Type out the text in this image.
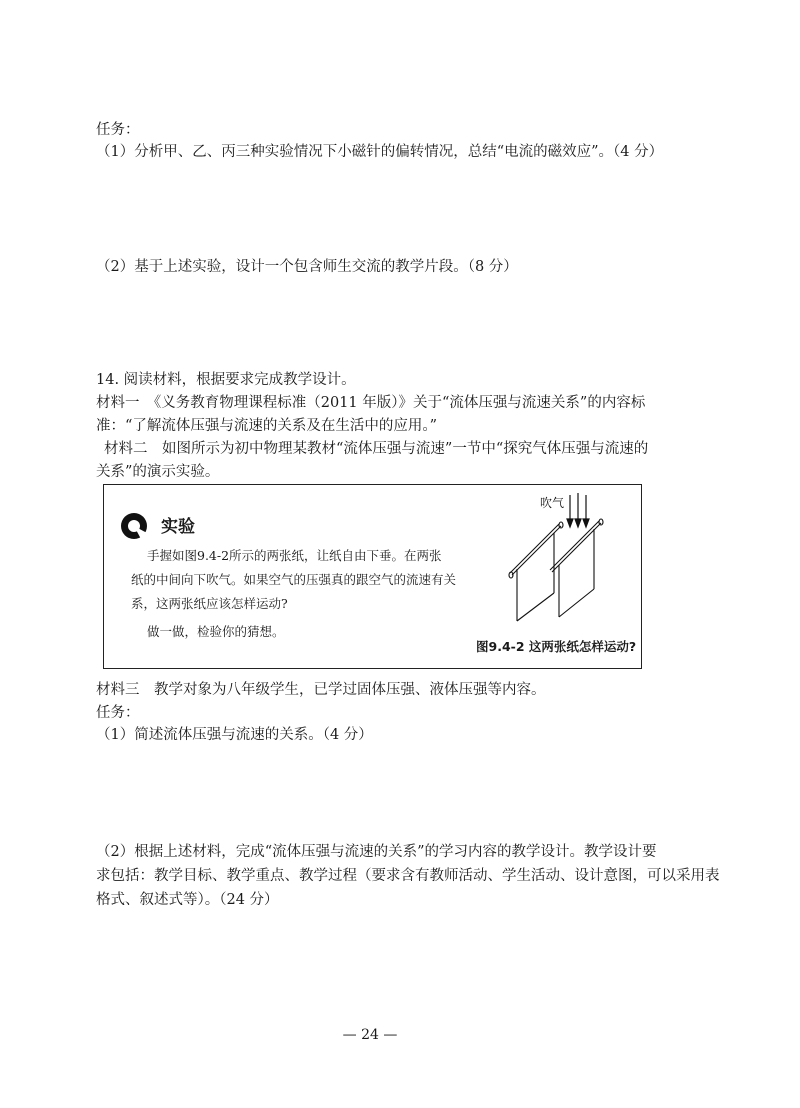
任务：
（1）分析甲、乙、丙三种实验情况下小磁针的偏转情况，总结“电流的磁效应”。（4 分）
（2）基于上述实验，设计一个包含师生交流的教学片段。（8 分）
14. 阅读材料，根据要求完成教学设计。
材料一　《义务教育物理课程标准（2011 年版）》关于“流体压强与流速关系”的内容标
准：“了解流体压强与流速的关系及在生活中的应用。”
材料二　如图所示为初中物理某教材“流体压强与流速”一节中“探究气体压强与流速的
关系”的演示实验。
实验
手握如图9.4-2所示的两张纸，让纸自由下垂。在两张
纸的中间向下吹气。如果空气的压强真的跟空气的流速有关
系，这两张纸应该怎样运动?
做一做，检验你的猜想。
吹气
图9.4-2 这两张纸怎样运动?
材料三　教学对象为八年级学生，已学过固体压强、液体压强等内容。
任务：
（1）简述流体压强与流速的关系。（4 分）
（2）根据上述材料，完成“流体压强与流速的关系”的学习内容的教学设计。教学设计要
求包括：教学目标、教学重点、教学过程（要求含有教师活动、学生活动、设计意图，可以采用表
格式、叙述式等）。（24 分）
— 24 —
